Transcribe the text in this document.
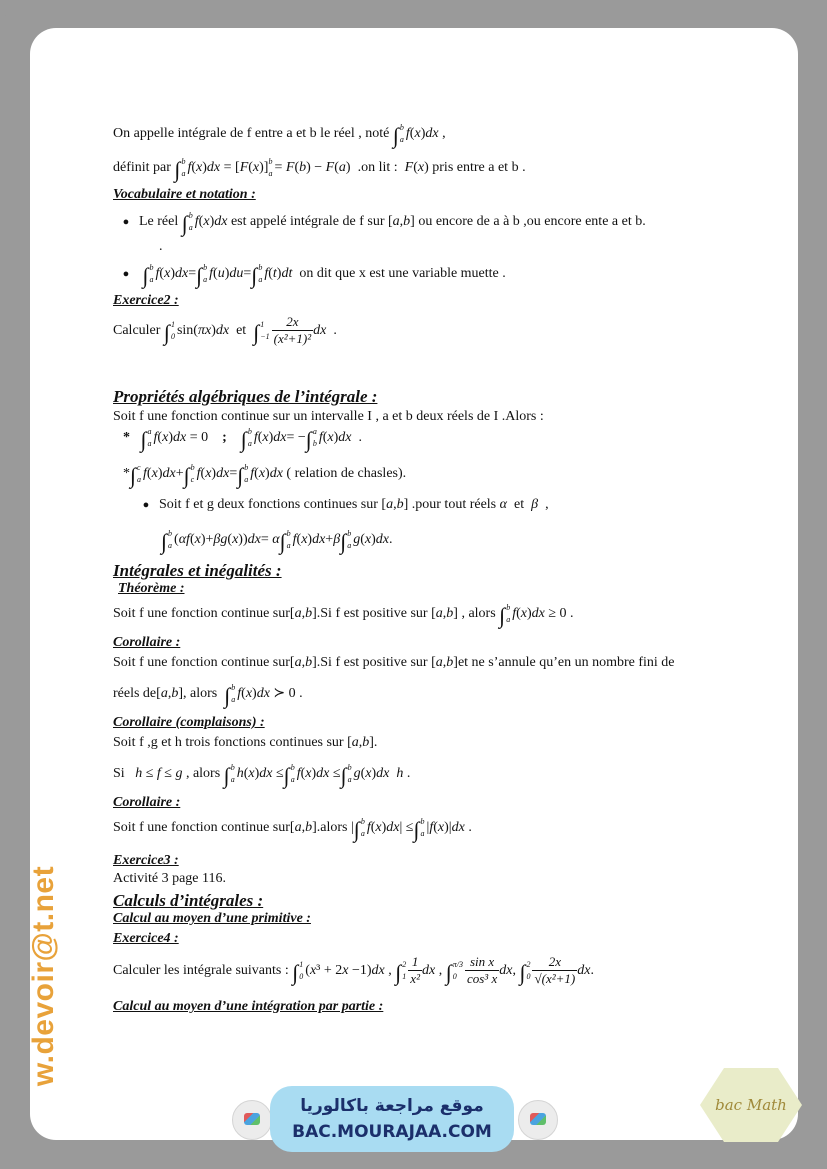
On appelle intégrale de f entre a et b le réel , noté ∫b
a f(x)dx ,
définit par ∫b
a f(x)dx = [F(x)]b
a = F(b) − F(a)  .on lit : F(x) pris entre a et b .
Vocabulaire et notation :
● Le réel ∫b
a f(x)dx est appelé intégrale de f sur [a,b] ou encore de a à b ,ou encore ente a et b.
.
● ∫b
a f(x)dx=∫b
a f(u)du=∫b
a f(t)dt on dit que x est une variable muette .
Exercice2 :
Calculer ∫1
0 sin(πx)dx et ∫1
$-1 \frac{2x}{\text{(x²+1)²}}$ dx .
Propriétés algébriques de l’intégrale :
Soit f une fonction continue sur un intervalle I , a et b deux réels de I .Alors :
* ∫a
a f(x)dx = 0    ; ∫b
a f(x)dx= −∫a
b f(x)dx  .
*∫c
a f(x)dx+∫b
c f(x)dx=∫b
a f(x)dx ( relation de chasles).
● Soit f et g deux fonctions continues sur [a,b] .pour tout réels α et β  ,
∫b
a (αf(x)+βg(x))dx= α∫b
a f(x)dx+β∫b
a g(x)dx.
Intégrales et inégalités :
Théorème :
Soit f une fonction continue sur[a,b].Si f est positive sur [a,b] , alors ∫b
a f(x)dx ≥ 0 .
Corollaire :
Soit f une fonction continue sur[a,b].Si f est positive sur [a,b]et ne s’annule qu’en un nombre fini de
réels de[a,b], alors ∫b
a f(x)dx ≻ 0 .
Corollaire (complaisons) :
Soit f ,g et h trois fonctions continues sur [a,b].
Si h ≤ f ≤ g , alors ∫b
a h(x)dx ≤∫b
a f(x)dx ≤∫b
a g(x)dx h .
Corollaire :
Soit f une fonction continue sur[a,b].alors |∫b
a f(x)dx| ≤∫b
a |f(x)|dx .
Exercice3 :
Activité 3 page 116.
Calculs d’intégrales :
Calcul au moyen d’une primitive :
Exercice4 :
Calculer les intégrale suivants : ∫1
0 (x³ + 2x −1)dx , ∫2
$1 \frac{1}{\text{x²}}$ dx , ∫π/3
$0 \frac{\text{sin x}}{\text{cos³ x}}$ dx, ∫2
$0 \frac{2x}{\text{√(x²+1)}}$ dx.
Calcul au moyen d’une intégration par partie :
w.devoir@t.net
موقع مراجعة باكالوريا
BAC.MOURAJAA.COM
bac Math
